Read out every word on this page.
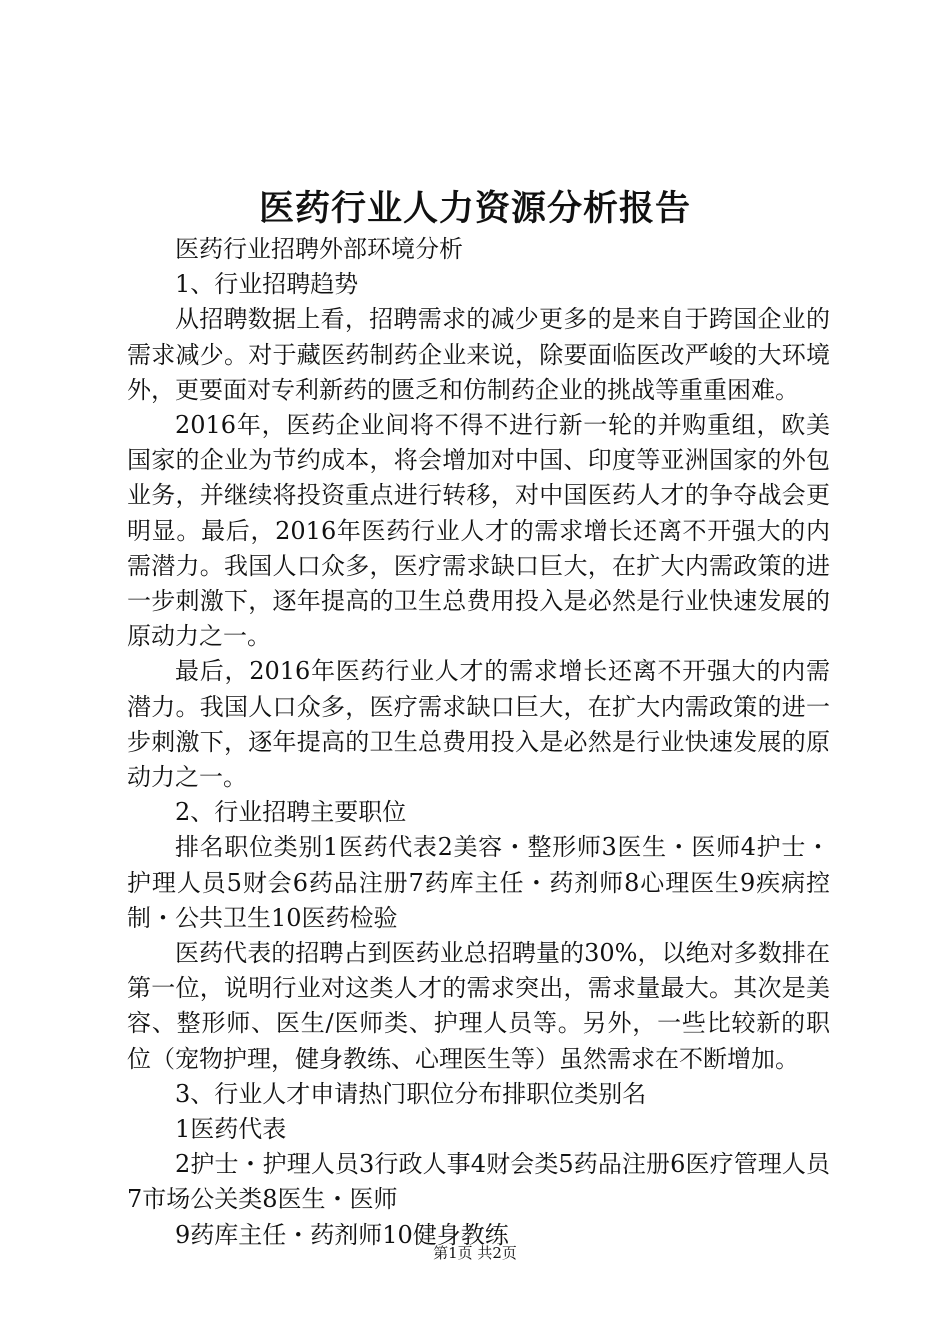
医药行业人力资源分析报告

医药行业招聘外部环境分析

1、行业招聘趋势

从招聘数据上看，招聘需求的减少更多的是来自于跨国企业的需求减少。对于藏医药制药企业来说，除要面临医改严峻的大环境外，更要面对专利新药的匮乏和仿制药企业的挑战等重重困难。

2016年，医药企业间将不得不进行新一轮的并购重组，欧美国家的企业为节约成本，将会增加对中国、印度等亚洲国家的外包业务，并继续将投资重点进行转移，对中国医药人才的争夺战会更明显。最后，2016年医药行业人才的需求增长还离不开强大的内需潜力。我国人口众多，医疗需求缺口巨大，在扩大内需政策的进一步刺激下，逐年提高的卫生总费用投入是必然是行业快速发展的原动力之一。

最后，2016年医药行业人才的需求增长还离不开强大的内需潜力。我国人口众多，医疗需求缺口巨大，在扩大内需政策的进一步刺激下，逐年提高的卫生总费用投入是必然是行业快速发展的原动力之一。

2、行业招聘主要职位

排名职位类别1医药代表2美容・整形师3医生・医师4护士・护理人员5财会6药品注册7药库主任・药剂师8心理医生9疾病控制・公共卫生10医药检验

医药代表的招聘占到医药业总招聘量的30%，以绝对多数排在第一位，说明行业对这类人才的需求突出，需求量最大。其次是美容、整形师、医生/医师类、护理人员等。另外，一些比较新的职位（宠物护理，健身教练、心理医生等）虽然需求在不断增加。

3、行业人才申请热门职位分布排职位类别名

1医药代表

2护士・护理人员3行政人事4财会类5药品注册6医疗管理人员7市场公关类8医生・医师

9药库主任・药剂师10健身教练

第1页 共2页
